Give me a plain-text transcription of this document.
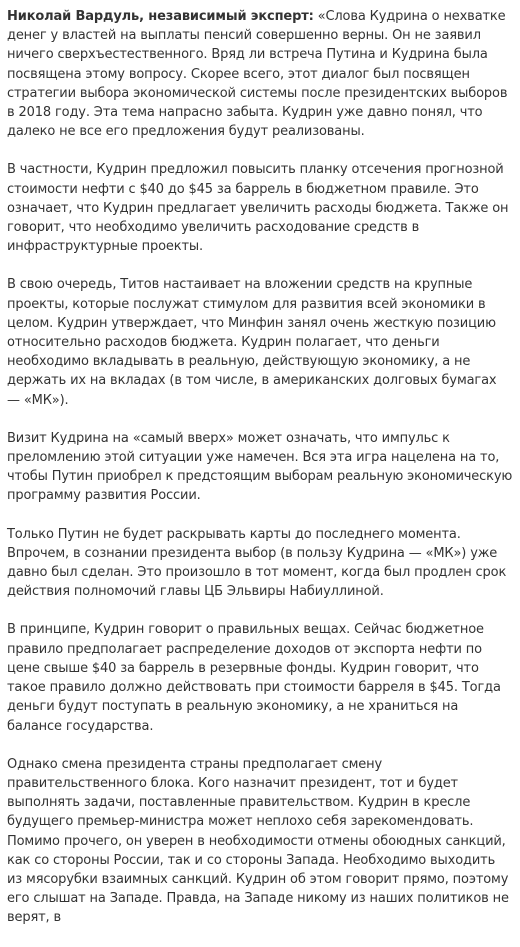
Николай Вардуль, независимый эксперт: «Слова Кудрина о нехватке денег у властей на выплаты пенсий совершенно верны. Он не заявил ничего сверхъестественного. Вряд ли встреча Путина и Кудрина была посвящена этому вопросу. Скорее всего, этот диалог был посвящен стратегии выбора экономической системы после президентских выборов в 2018 году. Эта тема напрасно забыта. Кудрин уже давно понял, что далеко не все его предложения будут реализованы.

В частности, Кудрин предложил повысить планку отсечения прогнозной стоимости нефти с $40 до $45 за баррель в бюджетном правиле. Это означает, что Кудрин предлагает увеличить расходы бюджета. Также он говорит, что необходимо увеличить расходование средств в инфраструктурные проекты.

В свою очередь, Титов настаивает на вложении средств на крупные проекты, которые послужат стимулом для развития всей экономики в целом. Кудрин утверждает, что Минфин занял очень жесткую позицию относительно расходов бюджета. Кудрин полагает, что деньги необходимо вкладывать в реальную, действующую экономику, а не держать их на вкладах (в том числе, в американских долговых бумагах — «МК»).

Визит Кудрина на «самый вверх» может означать, что импульс к преломлению этой ситуации уже намечен. Вся эта игра нацелена на то, чтобы Путин приобрел к предстоящим выборам реальную экономическую программу развития России.

Только Путин не будет раскрывать карты до последнего момента. Впрочем, в сознании президента выбор (в пользу Кудрина — «МК») уже давно был сделан. Это произошло в тот момент, когда был продлен срок действия полномочий главы ЦБ Эльвиры Набиуллиной.

В принципе, Кудрин говорит о правильных вещах. Сейчас бюджетное правило предполагает распределение доходов от экспорта нефти по цене свыше $40 за баррель в резервные фонды. Кудрин говорит, что такое правило должно действовать при стоимости барреля в $45. Тогда деньги будут поступать в реальную экономику, а не храниться на балансе государства.

Однако смена президента страны предполагает смену правительственного блока. Кого назначит президент, тот и будет выполнять задачи, поставленные правительством. Кудрин в кресле будущего премьер-министра может неплохо себя зарекомендовать. Помимо прочего, он уверен в необходимости отмены обоюдных санкций, как со стороны России, так и со стороны Запада. Необходимо выходить из мясорубки взаимных санкций. Кудрин об этом говорит прямо, поэтому его слышат на Западе. Правда, на Западе никому из наших политиков не верят, в
